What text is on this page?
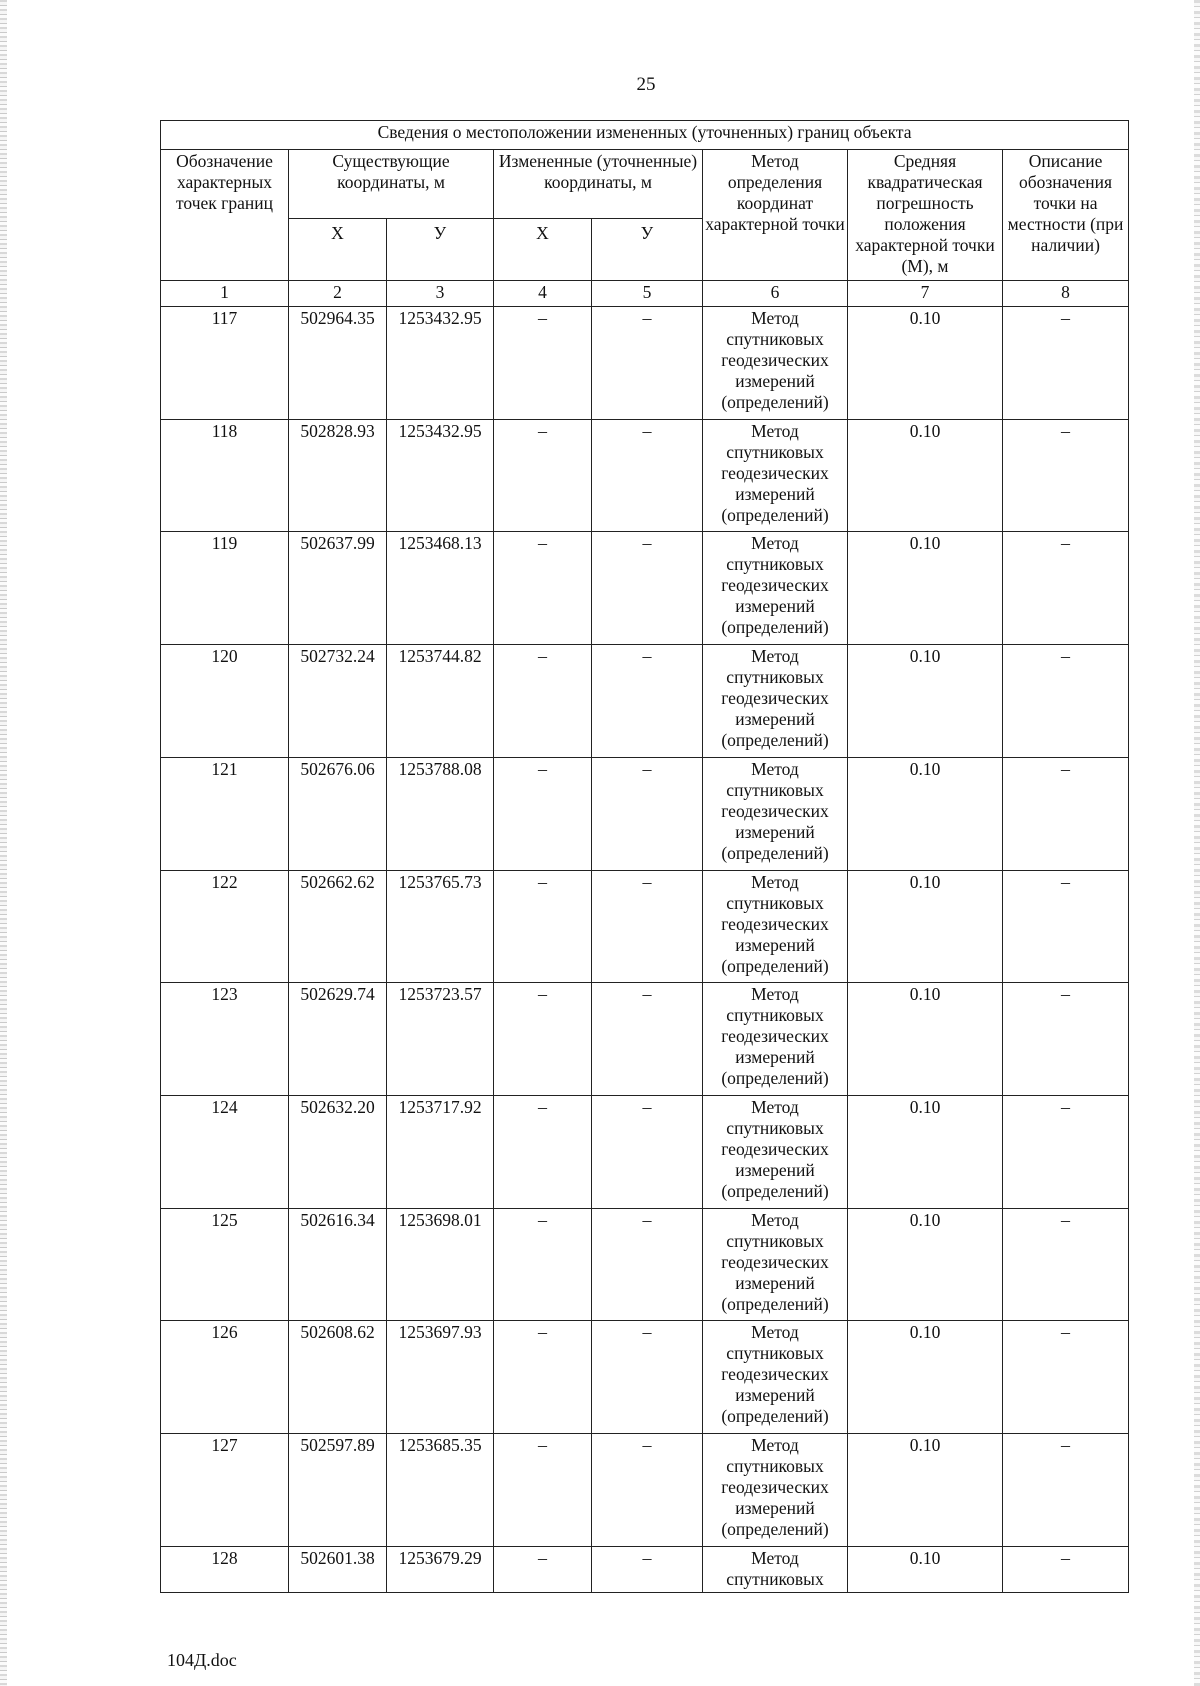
25
Сведения о местоположении измененных (уточненных) границ объекта							
Обозначение характерных точек границ	Существующие координаты, м		Измененные (уточненные) координаты, м		Метод определения координат характерной точки	Средняя квадратическая погрешность положения характерной точки (М), м	Описание обозначения точки на местности (при наличии)
	Х	У	Х	У			
1	2	3	4	5	6	7	8
117	502964.35	1253432.95	–	–	Метод спутниковых геодезических измерений (определений)	0.10	–
118	502828.93	1253432.95	–	–	Метод спутниковых геодезических измерений (определений)	0.10	–
119	502637.99	1253468.13	–	–	Метод спутниковых геодезических измерений (определений)	0.10	–
120	502732.24	1253744.82	–	–	Метод спутниковых геодезических измерений (определений)	0.10	–
121	502676.06	1253788.08	–	–	Метод спутниковых геодезических измерений (определений)	0.10	–
122	502662.62	1253765.73	–	–	Метод спутниковых геодезических измерений (определений)	0.10	–
123	502629.74	1253723.57	–	–	Метод спутниковых геодезических измерений (определений)	0.10	–
124	502632.20	1253717.92	–	–	Метод спутниковых геодезических измерений (определений)	0.10	–
125	502616.34	1253698.01	–	–	Метод спутниковых геодезических измерений (определений)	0.10	–
126	502608.62	1253697.93	–	–	Метод спутниковых геодезических измерений (определений)	0.10	–
127	502597.89	1253685.35	–	–	Метод спутниковых геодезических измерений (определений)	0.10	–
128	502601.38	1253679.29	–	–	Метод спутниковых	0.10	–
104Д.doc
